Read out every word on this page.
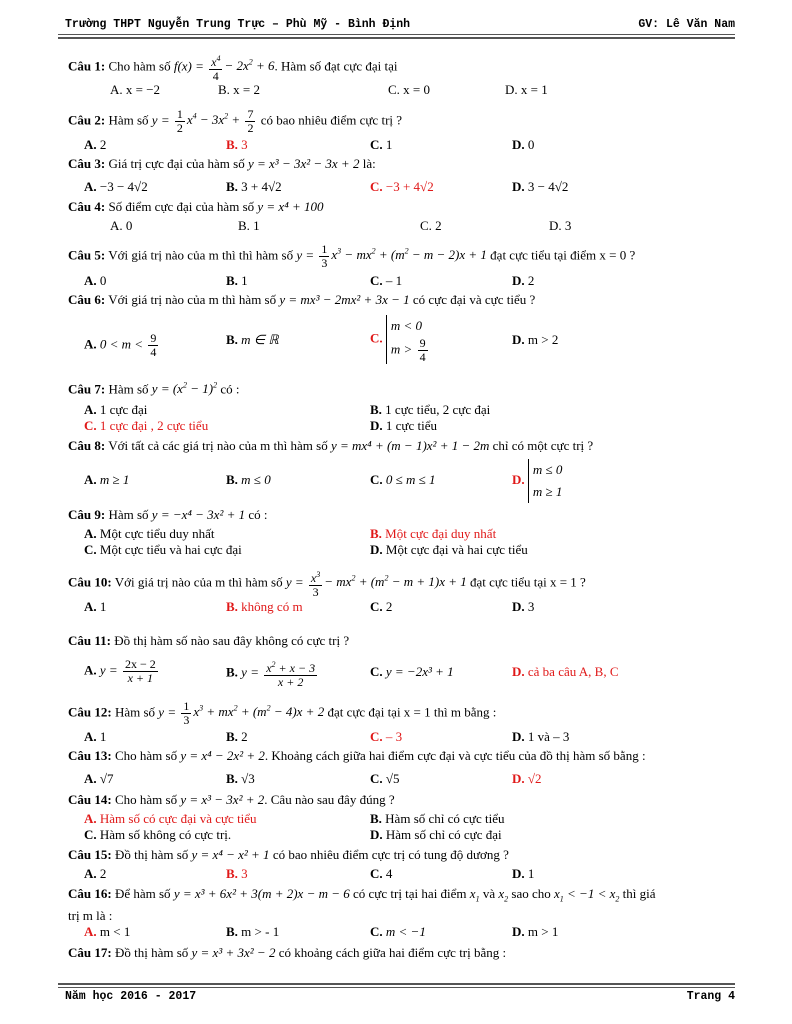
Trường THPT Nguyễn Trung Trực – Phù Mỹ - Bình Định	GV: Lê Văn Nam
Câu 1: Cho hàm số $f(x) = \frac{x^4}{4} - 2x^2 + 6$. Hàm số đạt cực đại tại
A. x = −2	B. x = 2	C. x = 0	D. x = 1
Câu 2: Hàm số $y = \frac{1}{2} x^4 - 3x^2 + \frac{7}{2}$ có bao nhiêu điểm cực trị ?
A. 2	B. 3	C. 1	D. 0
Câu 3: Giá trị cực đại của hàm số y = x³ − 3x² − 3x + 2 là:
A. −3 − 4√2	B. 3 + 4√2	C. −3 + 4√2	D. 3 − 4√2
Câu 4: Số điểm cực đại của hàm số y = x⁴ + 100
A. 0	B. 1	C. 2	D. 3
Câu 5: Với giá trị nào của m thì thì hàm số $y = \frac{1}{3} x^3 - mx^2 + (m^2 - m - 2)x + 1$ đạt cực tiểu tại điểm x = 0 ?
A. 0	B. 1	C. – 1	D. 2
Câu 6: Với giá trị nào của m thì hàm số y = mx³ − 2mx² + 3x − 1 có cực đại và cực tiểu ?
A. $0 < m < \frac{9}{4}$	B. m ∈ ℝ	C. m < 0
$m > \frac{9}{4}$	D. m > 2
Câu 7: Hàm số $y = (x^2 - 1)^2$ có :
A. 1 cực đại	B. 1 cực tiểu, 2 cực đại
C. 1 cực đại , 2 cực tiểu	D. 1 cực tiểu
Câu 8: Với tất cả các giá trị nào của m thì hàm số y = mx⁴ + (m − 1)x² + 1 − 2m chỉ có một cực trị ?
A. m ≥ 1	B. m ≤ 0	C. 0 ≤ m ≤ 1	D. m ≤ 0
m ≥ 1
Câu 9: Hàm số y = −x⁴ − 3x² + 1 có :
A. Một cực tiểu duy nhất	B. Một cực đại duy nhất
C. Một cực tiểu và hai cực đại	D. Một cực đại và hai cực tiểu
Câu 10: Với giá trị nào của m thì hàm số $y = \frac{x^3}{3} - mx^2 + (m^2 - m + 1)x + 1$ đạt cực tiểu tại x = 1 ?
A. 1	B. không có m	C. 2	D. 3
Câu 11: Đồ thị hàm số nào sau đây không có cực trị ?
A. $y = \frac{2x - 2}{x + 1}$	B. $y = \frac{x^2 + x - 3}{x + 2}$	C. y = −2x³ + 1	D. cả ba câu A, B, C
Câu 12: Hàm số $y = \frac{1}{3} x^3 + mx^2 + (m^2 - 4)x + 2$ đạt cực đại tại x = 1 thì m bằng :
A. 1	B. 2	C. – 3	D. 1 và – 3
Câu 13: Cho hàm số y = x⁴ − 2x² + 2. Khoảng cách giữa hai điểm cực đại và cực tiểu của đồ thị hàm số bằng :
A. √7	B. √3	C. √5	D. √2
Câu 14: Cho hàm số y = x³ − 3x² + 2. Câu nào sau đây đúng ?
A. Hàm số có cực đại và cực tiểu	B. Hàm số chỉ có cực tiểu
C. Hàm số không có cực trị.	D. Hàm số chỉ có cực đại
Câu 15: Đồ thị hàm số y = x⁴ − x² + 1 có bao nhiêu điểm cực trị có tung độ dương ?
A. 2	B. 3	C. 4	D. 1
Câu 16: Để hàm số y = x³ + 6x² + 3(m + 2)x − m − 6 có cực trị tại hai điểm $x_1$ và $x_2$ sao cho $x_1 < -1 < x_2$ thì giá
trị m là :
A. m < 1	B. m > - 1	C. m < −1	D. m > 1
Câu 17: Đồ thị hàm số y = x³ + 3x² − 2 có khoảng cách giữa hai điểm cực trị bằng :
Năm học 2016 - 2017	Trang 4
